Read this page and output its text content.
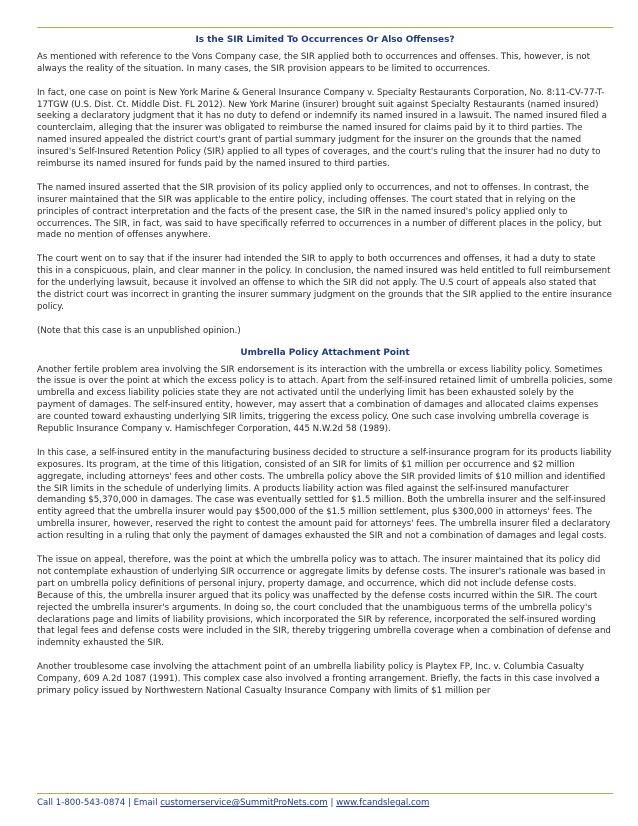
Is the SIR Limited To Occurrences Or Also Offenses?

As mentioned with reference to the Vons Company case, the SIR applied both to occurrences and offenses. This, however, is not always the reality of the situation. In many cases, the SIR provision appears to be limited to occurrences.

In fact, one case on point is New York Marine & General Insurance Company v. Specialty Restaurants Corporation, No. 8:11-CV-77-T-17TGW (U.S. Dist. Ct. Middle Dist. FL 2012). New York Marine (insurer) brought suit against Specialty Restaurants (named insured) seeking a declaratory judgment that it has no duty to defend or indemnify its named insured in a lawsuit. The named insured filed a counterclaim, alleging that the insurer was obligated to reimburse the named insured for claims paid by it to third parties. The named insured appealed the district court's grant of partial summary judgment for the insurer on the grounds that the named insured's Self-Insured Retention Policy (SIR) applied to all types of coverages, and the court's ruling that the insurer had no duty to reimburse its named insured for funds paid by the named insured to third parties.

The named insured asserted that the SIR provision of its policy applied only to occurrences, and not to offenses. In contrast, the insurer maintained that the SIR was applicable to the entire policy, including offenses. The court stated that in relying on the principles of contract interpretation and the facts of the present case, the SIR in the named insured's policy applied only to occurrences. The SIR, in fact, was said to have specifically referred to occurrences in a number of different places in the policy, but made no mention of offenses anywhere.

The court went on to say that if the insurer had intended the SIR to apply to both occurrences and offenses, it had a duty to state this in a conspicuous, plain, and clear manner in the policy. In conclusion, the named insured was held entitled to full reimbursement for the underlying lawsuit, because it involved an offense to which the SIR did not apply. The U.S court of appeals also stated that the district court was incorrect in granting the insurer summary judgment on the grounds that the SIR applied to the entire insurance policy.

(Note that this case is an unpublished opinion.)

Umbrella Policy Attachment Point

Another fertile problem area involving the SIR endorsement is its interaction with the umbrella or excess liability policy. Sometimes the issue is over the point at which the excess policy is to attach. Apart from the self-insured retained limit of umbrella policies, some umbrella and excess liability policies state they are not activated until the underlying limit has been exhausted solely by the payment of damages. The self-insured entity, however, may assert that a combination of damages and allocated claims expenses are counted toward exhausting underlying SIR limits, triggering the excess policy. One such case involving umbrella coverage is Republic Insurance Company v. Hamischfeger Corporation, 445 N.W.2d 58 (1989).

In this case, a self-insured entity in the manufacturing business decided to structure a self-insurance program for its products liability exposures. Its program, at the time of this litigation, consisted of an SIR for limits of $1 million per occurrence and $2 million aggregate, including attorneys' fees and other costs. The umbrella policy above the SIR provided limits of $10 million and identified the SIR limits in the schedule of underlying limits. A products liability action was filed against the self-insured manufacturer demanding $5,370,000 in damages. The case was eventually settled for $1.5 million. Both the umbrella insurer and the self-insured entity agreed that the umbrella insurer would pay $500,000 of the $1.5 million settlement, plus $300,000 in attorneys' fees. The umbrella insurer, however, reserved the right to contest the amount paid for attorneys' fees. The umbrella insurer filed a declaratory action resulting in a ruling that only the payment of damages exhausted the SIR and not a combination of damages and legal costs.

The issue on appeal, therefore, was the point at which the umbrella policy was to attach. The insurer maintained that its policy did not contemplate exhaustion of underlying SIR occurrence or aggregate limits by defense costs. The insurer's rationale was based in part on umbrella policy definitions of personal injury, property damage, and occurrence, which did not include defense costs. Because of this, the umbrella insurer argued that its policy was unaffected by the defense costs incurred within the SIR. The court rejected the umbrella insurer's arguments. In doing so, the court concluded that the unambiguous terms of the umbrella policy's declarations page and limits of liability provisions, which incorporated the SIR by reference, incorporated the self-insured wording that legal fees and defense costs were included in the SIR, thereby triggering umbrella coverage when a combination of defense and indemnity exhausted the SIR.

Another troublesome case involving the attachment point of an umbrella liability policy is Playtex FP, Inc. v. Columbia Casualty Company, 609 A.2d 1087 (1991). This complex case also involved a fronting arrangement. Briefly, the facts in this case involved a primary policy issued by Northwestern National Casualty Insurance Company with limits of $1 million per

Call 1-800-543-0874 | Email customerservice@SummitProNets.com | www.fcandslegal.com
